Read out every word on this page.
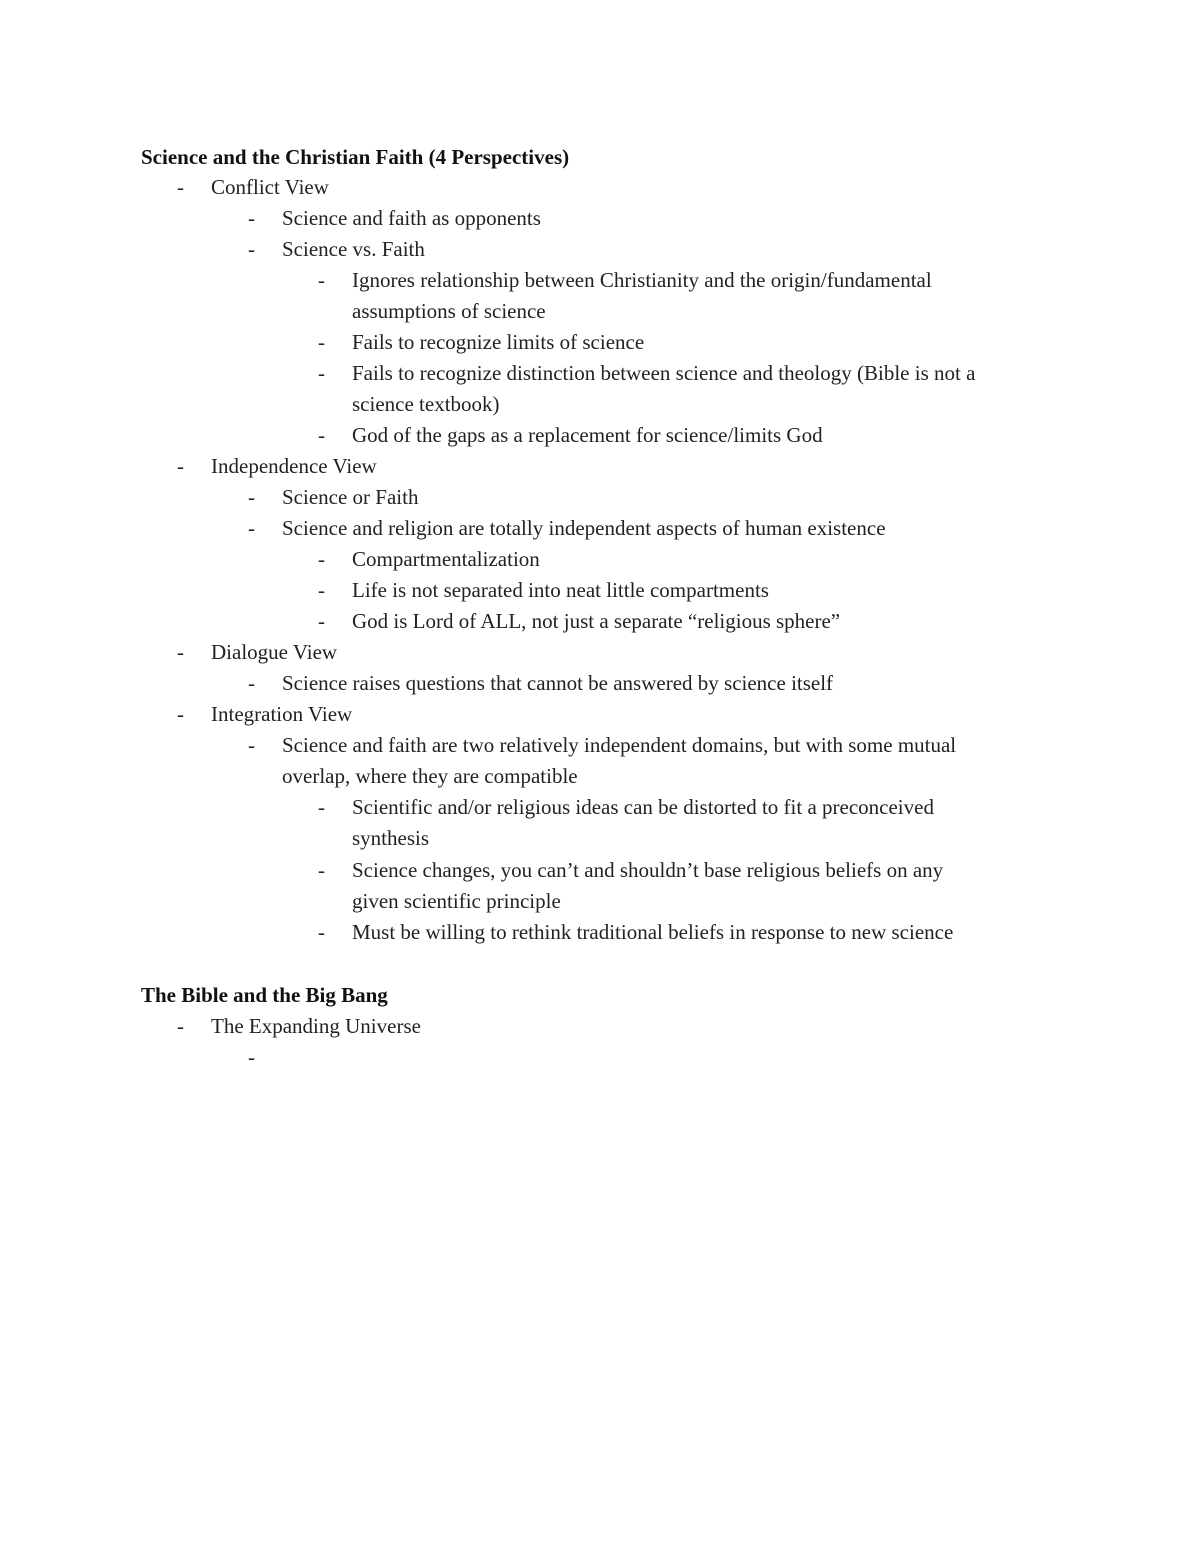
Science and the Christian Faith (4 Perspectives)
- Conflict View
- Science and faith as opponents
- Science vs. Faith
- Ignores relationship between Christianity and the origin/fundamental
assumptions of science
- Fails to recognize limits of science
- Fails to recognize distinction between science and theology (Bible is not a
science textbook)
- God of the gaps as a replacement for science/limits God
- Independence View
- Science or Faith
- Science and religion are totally independent aspects of human existence
- Compartmentalization
- Life is not separated into neat little compartments
- God is Lord of ALL, not just a separate “religious sphere”
- Dialogue View
- Science raises questions that cannot be answered by science itself
- Integration View
- Science and faith are two relatively independent domains, but with some mutual
overlap, where they are compatible
- Scientific and/or religious ideas can be distorted to fit a preconceived
synthesis
- Science changes, you can’t and shouldn’t base religious beliefs on any
given scientific principle
- Must be willing to rethink traditional beliefs in response to new science
The Bible and the Big Bang
- The Expanding Universe
-
